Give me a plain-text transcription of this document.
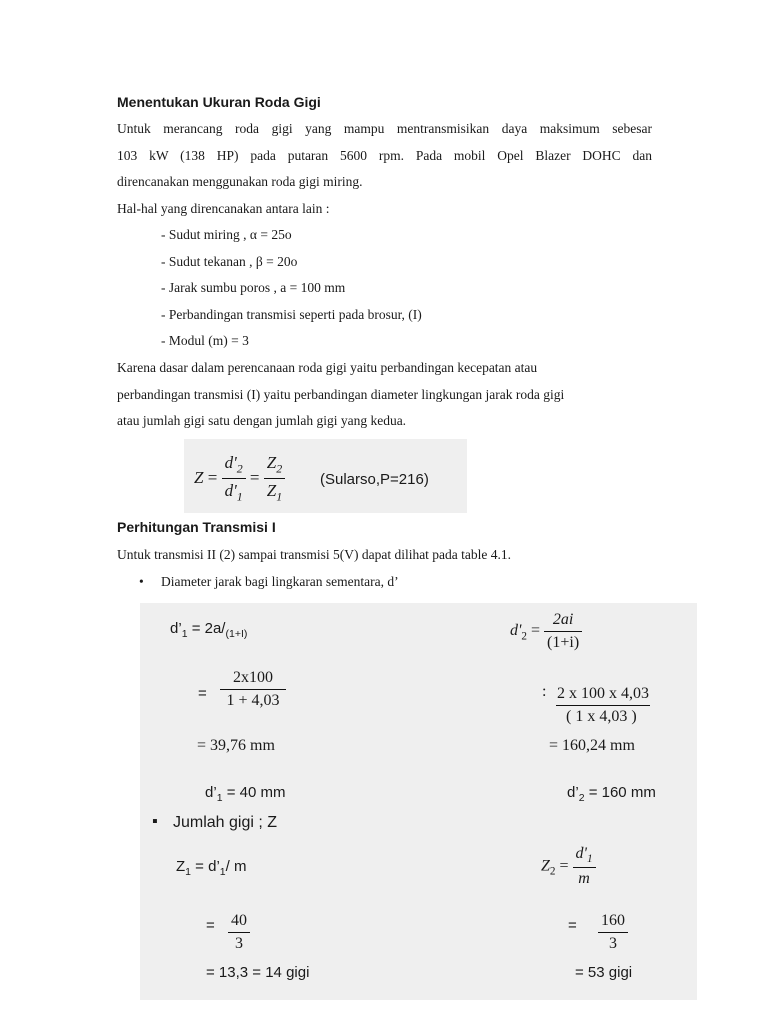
Menentukan Ukuran Roda Gigi
Untuk merancang roda gigi yang mampu mentransmisikan daya maksimum sebesar
103 kW (138 HP) pada putaran 5600 rpm. Pada mobil Opel Blazer DOHC dan
direncanakan menggunakan roda gigi miring.
Hal-hal yang direncanakan antara lain :
- Sudut miring , α = 25o
- Sudut tekanan , β = 20o
- Jarak sumbu poros , a = 100 mm
- Perbandingan transmisi seperti pada brosur, (I)
- Modul (m) = 3
Karena dasar dalam perencanaan roda gigi yaitu perbandingan kecepatan atau
perbandingan transmisi (I) yaitu perbandingan diameter lingkungan jarak roda gigi
atau jumlah gigi satu dengan jumlah gigi yang kedua.
$Z = \frac{d'_2}{d'_1} = \frac{Z_2}{Z_1}$ (Sularso,P=216)
Perhitungan Transmisi I
Untuk transmisi II (2) sampai transmisi 5(V) dapat dilihat pada table 4.1.
• Diameter jarak bagi lingkaran sementara, d’
$d’_1 = 2a/_{(1+I)}$	$d'_2 = \frac{2ai}{(1+i)}$
= $\frac{2x100}{1 + 4,03}$	: 2 x 100 x 4,03
( 1 x 4,03 )
= 39,76 mm	= 160,24 mm
$d’_1 = 40$ mm	$d’_2 = 160$ mm
▪ Jumlah gigi ; Z
$Z_1$ = $d’_1/$ m	$Z_2 = \frac{d'_1}{m}$
= $\frac{40}{3}$	= $\frac{160}{3}$
= 13,3 = 14 gigi	= 53 gigi
